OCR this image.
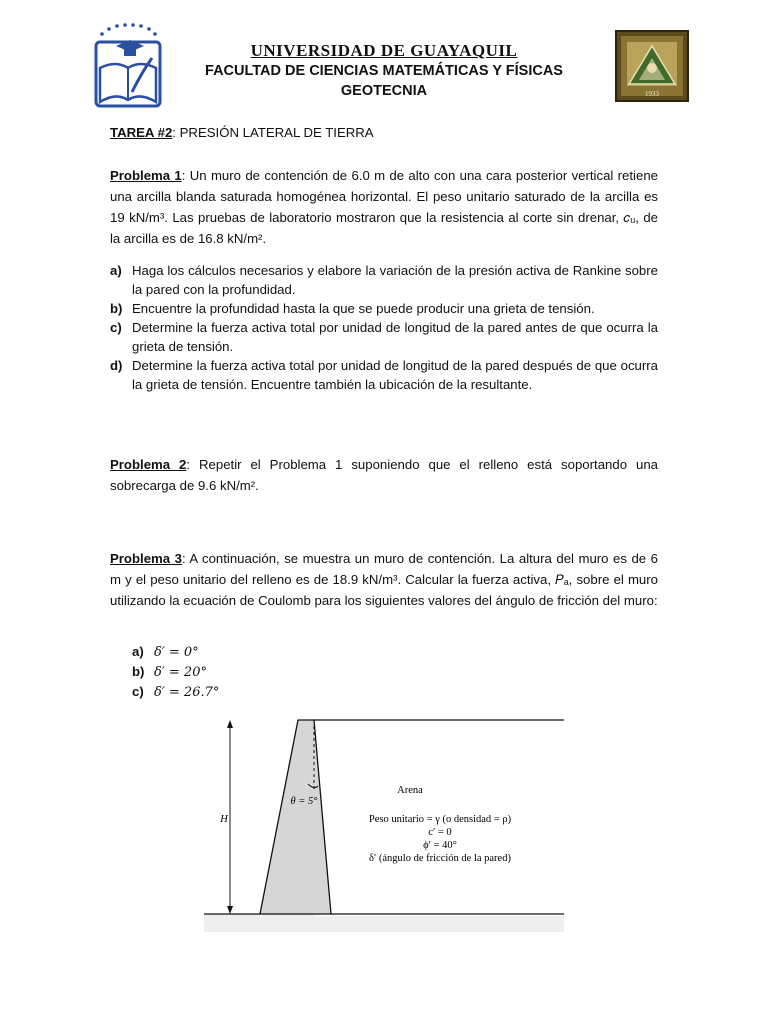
1933
UNIVERSIDAD DE GUAYAQUIL
FACULTAD DE CIENCIAS MATEMÁTICAS Y FÍSICAS
GEOTECNIA
TAREA #2: PRESIÓN LATERAL DE TIERRA
Problema 1: Un muro de contención de 6.0 m de alto con una cara posterior vertical retiene una arcilla blanda saturada homogénea horizontal. El peso unitario saturado de la arcilla es 19 kN/m³. Las pruebas de laboratorio mostraron que la resistencia al corte sin drenar, 𝑐ᵤ, de la arcilla es de 16.8 kN/m².
a) Haga los cálculos necesarios y elabore la variación de la presión activa de Rankine sobre la pared con la profundidad.
b) Encuentre la profundidad hasta la que se puede producir una grieta de tensión.
c) Determine la fuerza activa total por unidad de longitud de la pared antes de que ocurra la grieta de tensión.
d) Determine la fuerza activa total por unidad de longitud de la pared después de que ocurra la grieta de tensión. Encuentre también la ubicación de la resultante.
Problema 2: Repetir el Problema 1 suponiendo que el relleno está soportando una sobrecarga de 9.6 kN/m².
Problema 3: A continuación, se muestra un muro de contención. La altura del muro es de 6 m y el peso unitario del relleno es de 18.9 kN/m³. Calcular la fuerza activa, 𝑃ₐ, sobre el muro utilizando la ecuación de Coulomb para los siguientes valores del ángulo de fricción del muro:
a) δ′ = 0°
b) δ′ = 20°
c) δ′ = 26.7°
H
θ = 5°
Arena
Peso unitario = γ (o densidad = ρ)
c′ = 0
ϕ′ = 40°
δ′ (ángulo de fricción de la pared)
